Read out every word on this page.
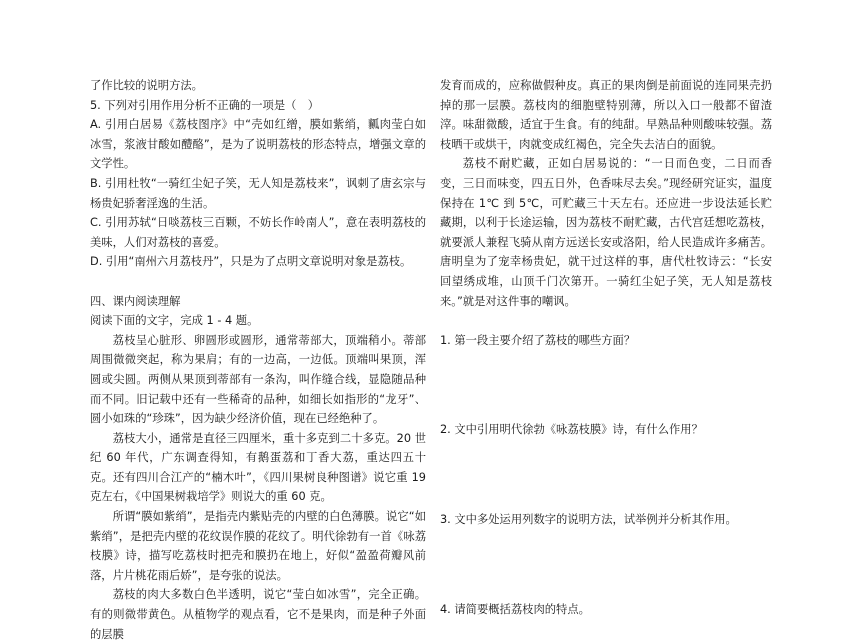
了作比较的说明方法。

5. 下列对引用作用分析不正确的一项是（　）

A. 引用白居易《荔枝图序》中“壳如红缯，膜如紫绡，瓤肉莹白如冰雪，浆液甘酸如醴酪”，是为了说明荔枝的形态特点，增强文章的文学性。

B. 引用杜牧“一骑红尘妃子笑，无人知是荔枝来”，讽刺了唐玄宗与杨贵妃骄奢淫逸的生活。

C. 引用苏轼“日啖荔枝三百颗，不妨长作岭南人”，意在表明荔枝的美味，人们对荔枝的喜爱。

D. 引用“南州六月荔枝丹”，只是为了点明文章说明对象是荔枝。

四、课内阅读理解

阅读下面的文字，完成 1 - 4 题。

荔枝呈心脏形、卵圆形或圆形，通常蒂部大，顶端稍小。蒂部周围微微突起，称为果肩；有的一边高，一边低。顶端叫果顶，浑圆或尖圆。两侧从果顶到蒂部有一条沟，叫作缝合线，显隐随品种而不同。旧记载中还有一些稀奇的品种，如细长如指形的“龙牙”、圆小如珠的“珍珠”，因为缺少经济价值，现在已经绝种了。

荔枝大小，通常是直径三四厘米，重十多克到二十多克。20 世纪 60 年代，广东调查得知，有鹅蛋荔和丁香大荔，重达四五十克。还有四川合江产的“楠木叶”，《四川果树良种图谱》说它重 19 克左右，《中国果树栽培学》则说大的重 60 克。

所谓“膜如紫绡”，是指壳内紫贴壳的内壁的白色薄膜。说它“如紫绡”，是把壳内壁的花纹误作膜的花纹了。明代徐勃有一首《咏荔枝膜》诗，描写吃荔枝时把壳和膜扔在地上，好似“盈盈荷瓣风前落，片片桃花雨后娇”，是夸张的说法。

荔枝的肉大多数白色半透明，说它“莹白如冰雪”，完全正确。有的则微带黄色。从植物学的观点看，它不是果肉，而是种子外面的层膜

发育而成的，应称做假种皮。真正的果肉倒是前面说的连同果壳扔掉的那一层膜。荔枝肉的细胞壁特别薄，所以入口一般都不留渣滓。味甜微酸，适宜于生食。有的纯甜。早熟品种则酸味较强。荔枝晒干或烘干，肉就变成红褐色，完全失去洁白的面貌。

荔枝不耐贮藏，正如白居易说的：“一日而色变，二日而香变，三日而味变，四五日外，色香味尽去矣。”现经研究证实，温度保持在 1℃ 到 5℃，可贮藏三十天左右。还应进一步设法延长贮藏期，以利于长途运输，因为荔枝不耐贮藏，古代宫廷想吃荔枝，就要派人兼程飞骑从南方远送长安或洛阳，给人民造成许多痛苦。唐明皇为了宠幸杨贵妃，就干过这样的事，唐代杜牧诗云：“长安回望绣成堆，山顶千门次第开。一骑红尘妃子笑，无人知是荔枝来。”就是对这件事的嘲讽。

1. 第一段主要介绍了荔枝的哪些方面？

2. 文中引用明代徐勃《咏荔枝膜》诗，有什么作用？

3. 文中多处运用列数字的说明方法，试举例并分析其作用。

4. 请简要概括荔枝肉的特点。
